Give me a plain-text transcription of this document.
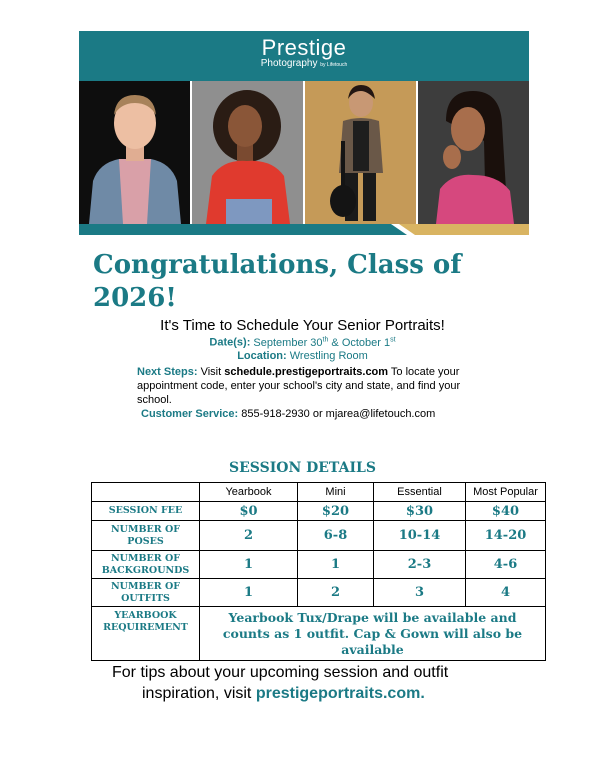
Prestige
Photography by Lifetouch
Congratulations, Class of 2026!
It's Time to Schedule Your Senior Portraits!
Date(s): September 30th & October 1st
Location: Wrestling Room
Next Steps: Visit schedule.prestigeportraits.com To locate your appointment code, enter your school's city and state, and find your school.
Customer Service: 855-918-2930 or mjarea@lifetouch.com
SESSION DETAILS
	Yearbook	Mini	Essential	Most Popular
SESSION FEE	$0	$20	$30	$40
NUMBER OF POSES	2	6-8	10-14	14-20
NUMBER OF BACKGROUNDS	1	1	2-3	4-6
NUMBER OF OUTFITS	1	2	3	4
YEARBOOK REQUIREMENT	Yearbook Tux/Drape will be available and counts as 1 outfit. Cap & Gown will also be available			
For tips about your upcoming session and outfit
inspiration, visit prestigeportraits.com.
